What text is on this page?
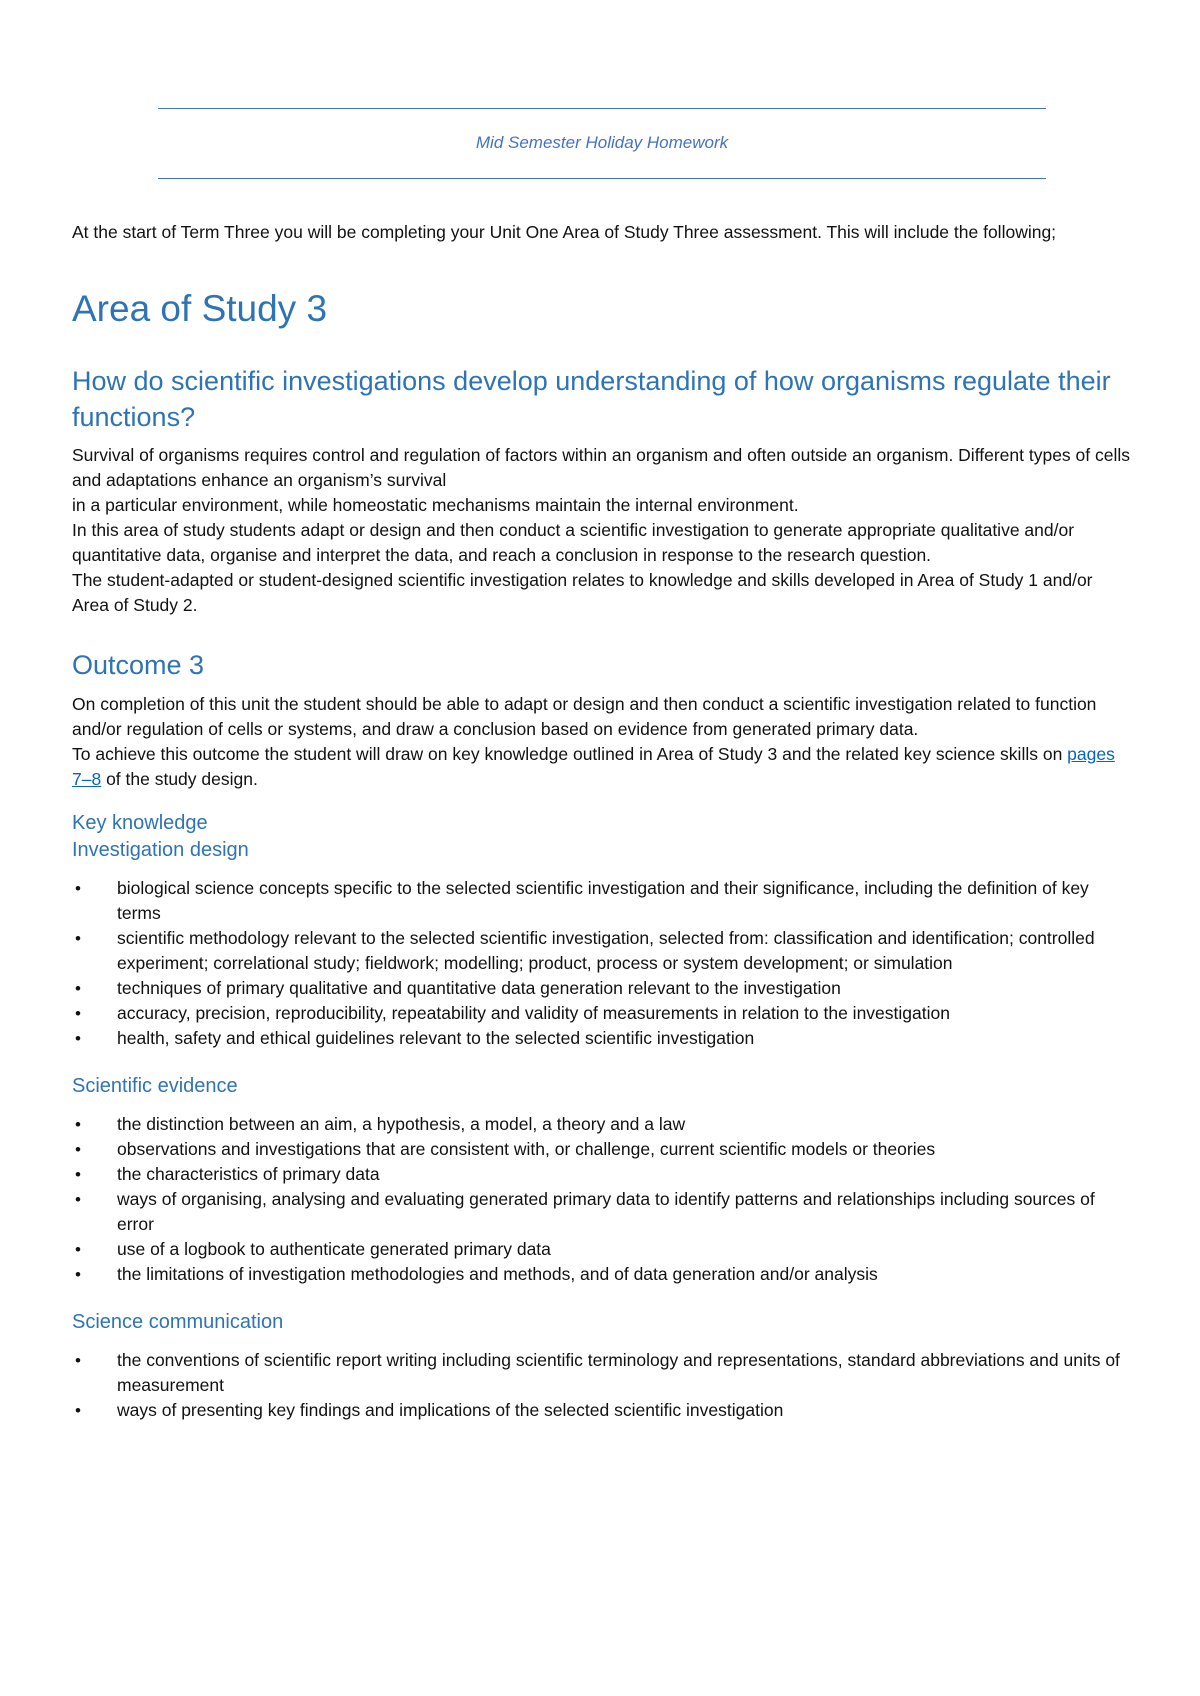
Mid Semester Holiday Homework

At the start of Term Three you will be completing your Unit One Area of Study Three assessment. This will include the following;

Area of Study 3
How do scientific investigations develop understanding of how organisms regulate their functions?

Survival of organisms requires control and regulation of factors within an organism and often outside an organism. Different types of cells and adaptations enhance an organism’s survival

in a particular environment, while homeostatic mechanisms maintain the internal environment.

In this area of study students adapt or design and then conduct a scientific investigation to generate appropriate qualitative and/or quantitative data, organise and interpret the data, and reach a conclusion in response to the research question.

The student-adapted or student-designed scientific investigation relates to knowledge and skills developed in Area of Study 1 and/or Area of Study 2.

Outcome 3

On completion of this unit the student should be able to adapt or design and then conduct a scientific investigation related to function and/or regulation of cells or systems, and draw a conclusion based on evidence from generated primary data.

To achieve this outcome the student will draw on key knowledge outlined in Area of Study 3 and the related key science skills on pages 7–8 of the study design.

Key knowledge
Investigation design
• biological science concepts specific to the selected scientific investigation and their significance, including the definition of key terms
• scientific methodology relevant to the selected scientific investigation, selected from: classification and identification; controlled experiment; correlational study; fieldwork; modelling; product, process or system development; or simulation
• techniques of primary qualitative and quantitative data generation relevant to the investigation
• accuracy, precision, reproducibility, repeatability and validity of measurements in relation to the investigation
• health, safety and ethical guidelines relevant to the selected scientific investigation
Scientific evidence
• the distinction between an aim, a hypothesis, a model, a theory and a law
• observations and investigations that are consistent with, or challenge, current scientific models or theories
• the characteristics of primary data
• ways of organising, analysing and evaluating generated primary data to identify patterns and relationships including sources of error
• use of a logbook to authenticate generated primary data
• the limitations of investigation methodologies and methods, and of data generation and/or analysis
Science communication
• the conventions of scientific report writing including scientific terminology and representations, standard abbreviations and units of measurement
• ways of presenting key findings and implications of the selected scientific investigation
